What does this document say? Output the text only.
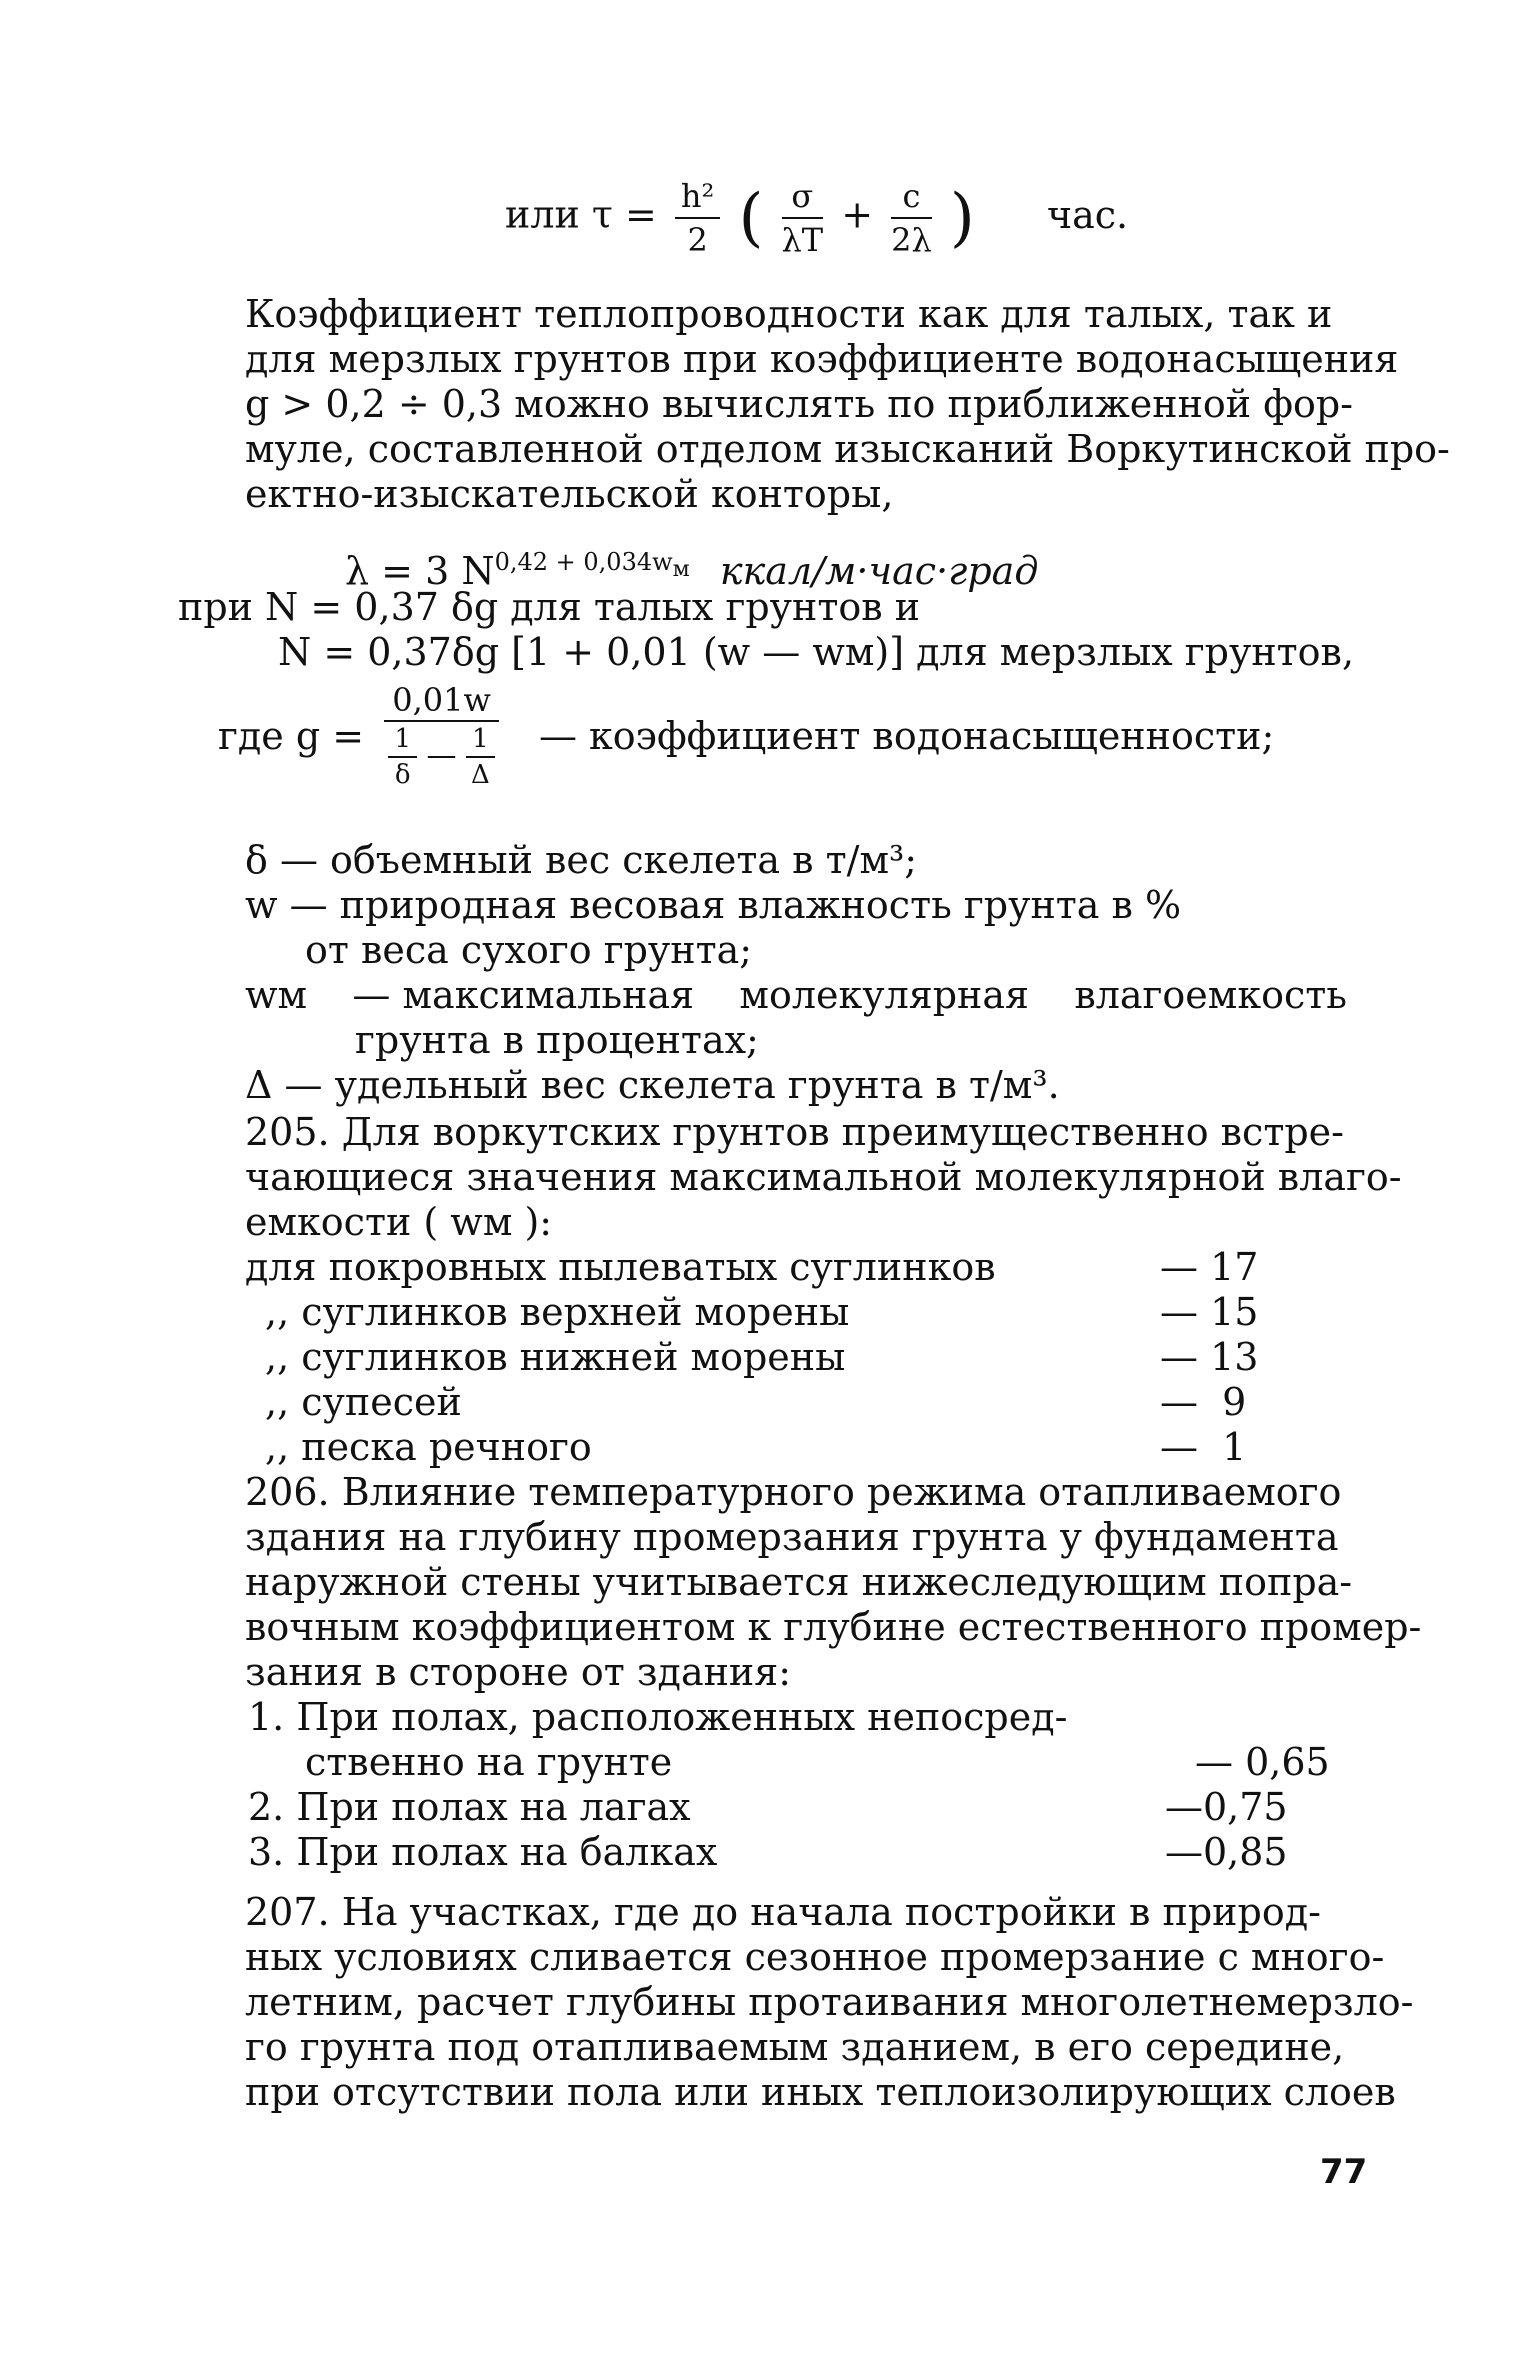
или $\tau = \frac{\text{h²}}{2}$ ( $\frac{\sigma}{\lambda T} + \frac{c}{2\lambda}$ ) час.
Коэффициент теплопроводности как для талых, так и
для мерзлых грунтов при коэффициенте водонасыщения
g > 0,2 ÷ 0,3 можно вычислять по приближенной фор-
муле, составленной отделом изысканий Воркутинской про-
ектно-изыскательской конторы,
λ = 3 $N^{0,42 + 0,034wм}$ ккал/м·час·град
при N = 0,37 δg для талых грунтов и
N = 0,37δg [1 + 0,01 (w — wм)] для мерзлых грунтов,
где g =
0,01w
$\frac{1}{\delta}$ — $\frac{1}{\Delta}$ — коэффициент водонасыщенности;
δ — объемный вес скелета в т/м³;
w — природная весовая влажность грунта в %
от веса сухого грунта;
wм — максимальная молекулярная влагоемкость
грунта в процентах;
Δ — удельный вес скелета грунта в т/м³.
205. Для воркутских грунтов преимущественно встре-
чающиеся значения максимальной молекулярной влаго-
емкости ( wм ):
для покровных пылеватых суглинков	— 17
,, суглинков верхней морены	— 15
,, суглинков нижней морены	— 13
,, супесей	—  9
,, песка речного	—  1
206. Влияние температурного режима отапливаемого
здания на глубину промерзания грунта у фундамента
наружной стены учитывается нижеследующим попра-
вочным коэффициентом к глубине естественного промер-
зания в стороне от здания:
1. При полах, расположенных непосред-
ственно на грунте	— 0,65
2. При полах на лагах	—0,75
3. При полах на балках	—0,85
207. На участках, где до начала постройки в природ-
ных условиях сливается сезонное промерзание с много-
летним, расчет глубины протаивания многолетнемерзло-
го грунта под отапливаемым зданием, в его середине,
при отсутствии пола или иных теплоизолирующих слоев
77
